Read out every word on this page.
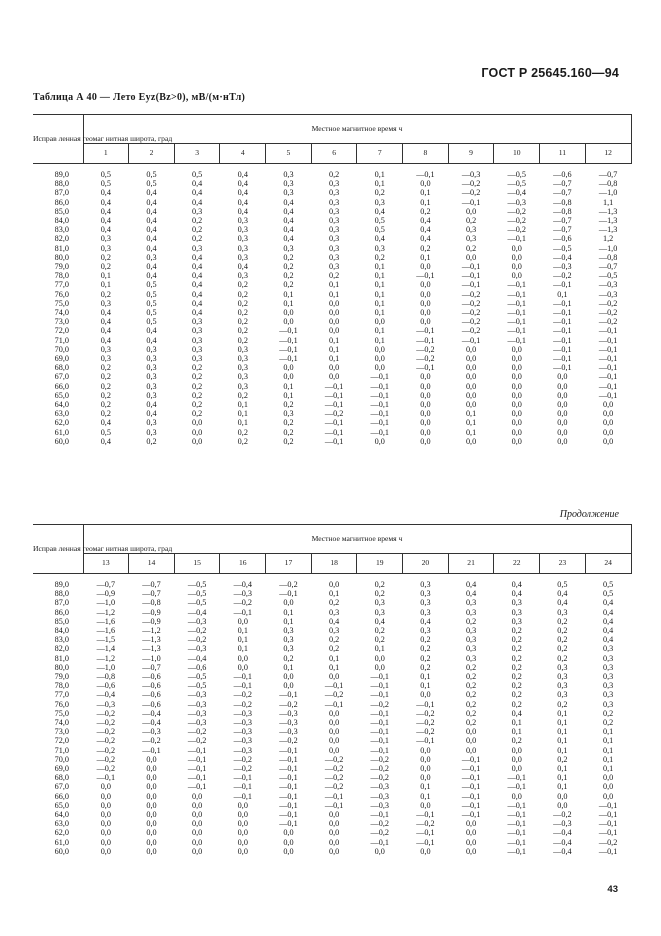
ГОСТ Р 25645.160—94
Таблица А 40 — Лето Eyz(Bz>0), мВ/(м·нТл)
Исправ ленная геомаг нитная широта, град	Местное магнитное время ч											
	1	2	3	4	5	6	7	8	9	10	11	12

89,0	0,5	0,5	0,5	0,4	0,3	0,2	0,1	—0,1	—0,3	—0,5	—0,6	—0,7
88,0	0,5	0,5	0,4	0,4	0,3	0,3	0,1	0,0	—0,2	—0,5	—0,7	—0,8
87,0	0,4	0,4	0,4	0,4	0,3	0,3	0,2	0,1	—0,2	—0,4	—0,7	—1,0
86,0	0,4	0,4	0,4	0,4	0,4	0,3	0,3	0,1	—0,1	—0,3	—0,8	1,1
85,0	0,4	0,4	0,3	0,4	0,4	0,3	0,4	0,2	0,0	—0,2	—0,8	—1,3
84,0	0,4	0,4	0,2	0,3	0,4	0,3	0,5	0,4	0,2	—0,2	—0,7	—1,3
83,0	0,4	0,4	0,2	0,3	0,4	0,3	0,5	0,4	0,3	—0,2	—0,7	—1,3
82,0	0,3	0,4	0,2	0,3	0,4	0,3	0,4	0,4	0,3	—0,1	—0,6	1,2
81,0	0,3	0,4	0,3	0,3	0,3	0,3	0,3	0,2	0,2	0,0	—0,5	—1,0
80,0	0,2	0,3	0,4	0,3	0,2	0,3	0,2	0,1	0,0	0,0	—0,4	—0,8
79,0	0,2	0,4	0,4	0,4	0,2	0,3	0,1	0,0	—0,1	0,0	—0,3	—0,7
78,0	0,1	0,4	0,4	0,3	0,2	0,2	0,1	—0,1	—0,1	0,0	—0,2	—0,5
77,0	0,1	0,5	0,4	0,2	0,2	0,1	0,1	0,0	—0,1	—0,1	—0,1	—0,3
76,0	0,2	0,5	0,4	0,2	0,1	0,1	0,1	0,0	—0,2	—0,1	0,1	—0,3
75,0	0,3	0,5	0,4	0,2	0,1	0,0	0,1	0,0	—0,2	—0,1	—0,1	—0,2
74,0	0,4	0,5	0,4	0,2	0,0	0,0	0,1	0,0	—0,2	—0,1	—0,1	—0,2
73,0	0,4	0,5	0,3	0,2	0,0	0,0	0,0	0,0	—0,2	—0,1	—0,1	—0,2
72,0	0,4	0,4	0,3	0,2	—0,1	0,0	0,1	—0,1	—0,2	—0,1	—0,1	—0,1
71,0	0,4	0,4	0,3	0,2	—0,1	0,1	0,1	—0,1	—0,1	—0,1	—0,1	—0,1
70,0	0,3	0,3	0,3	0,3	—0,1	0,1	0,0	—0,2	0,0	0,0	—0,1	—0,1
69,0	0,3	0,3	0,3	0,3	—0,1	0,1	0,0	—0,2	0,0	0,0	—0,1	—0,1
68,0	0,2	0,3	0,2	0,3	0,0	0,0	0,0	—0,1	0,0	0,0	—0,1	—0,1
67,0	0,2	0,3	0,2	0,3	0,0	0,0	—0,1	0,0	0,0	0,0	0,0	—0,1
66,0	0,2	0,3	0,2	0,3	0,1	—0,1	—0,1	0,0	0,0	0,0	0,0	—0,1
65,0	0,2	0,3	0,2	0,2	0,1	—0,1	—0,1	0,0	0,0	0,0	0,0	—0,1
64,0	0,2	0,4	0,2	0,1	0,2	—0,1	—0,1	0,0	0,0	0,0	0,0	0,0
63,0	0,2	0,4	0,2	0,1	0,3	—0,2	—0,1	0,0	0,1	0,0	0,0	0,0
62,0	0,4	0,3	0,0	0,1	0,2	—0,1	—0,1	0,0	0,1	0,0	0,0	0,0
61,0	0,5	0,3	0,0	0,2	0,2	—0,1	—0,1	0,0	0,1	0,0	0,0	0,0
60,0	0,4	0,2	0,0	0,2	0,2	—0,1	0,0	0,0	0,0	0,0	0,0	0,0
Продолжение
Исправ ленная геомаг нитная широта, град	Местное магнитное время ч											
	13	14	15	16	17	18	19	20	21	22	23	24

89,0	—0,7	—0,7	—0,5	—0,4	—0,2	0,0	0,2	0,3	0,4	0,4	0,5	0,5
88,0	—0,9	—0,7	—0,5	—0,3	—0,1	0,1	0,2	0,3	0,4	0,4	0,4	0,5
87,0	—1,0	—0,8	—0,5	—0,2	0,0	0,2	0,3	0,3	0,3	0,3	0,4	0,4
86,0	—1,2	—0,9	—0,4	—0,1	0,1	0,3	0,3	0,3	0,3	0,3	0,3	0,4
85,0	—1,6	—0,9	—0,3	0,0	0,1	0,4	0,4	0,4	0,2	0,3	0,2	0,4
84,0	—1,6	—1,2	—0,2	0,1	0,3	0,3	0,2	0,3	0,3	0,2	0,2	0,4
83,0	—1,5	—1,3	—0,2	0,1	0,3	0,2	0,2	0,2	0,3	0,2	0,2	0,4
82,0	—1,4	—1,3	—0,3	0,1	0,3	0,2	0,1	0,2	0,3	0,2	0,2	0,3
81,0	—1,2	—1,0	—0,4	0,0	0,2	0,1	0,0	0,2	0,3	0,2	0,2	0,3
80,0	—1,0	—0,7	—0,6	0,0	0,1	0,1	0,0	0,2	0,2	0,2	0,3	0,3
79,0	—0,8	—0,6	—0,5	—0,1	0,0	0,0	—0,1	0,1	0,2	0,2	0,3	0,3
78,0	—0,6	—0,6	—0,5	—0,1	0,0	—0,1	—0,1	0,1	0,2	0,2	0,3	0,3
77,0	—0,4	—0,6	—0,3	—0,2	—0,1	—0,2	—0,1	0,0	0,2	0,2	0,3	0,3
76,0	—0,3	—0,6	—0,3	—0,2	—0,2	—0,1	—0,2	—0,1	0,2	0,2	0,2	0,3
75,0	—0,2	—0,4	—0,3	—0,3	—0,3	0,0	—0,1	—0,2	0,2	0,4	0,1	0,2
74,0	—0,2	—0,4	—0,3	—0,3	—0,3	0,0	—0,1	—0,2	0,2	0,1	0,1	0,2
73,0	—0,2	—0,3	—0,2	—0,3	—0,3	0,0	—0,1	—0,2	0,0	0,1	0,1	0,1
72,0	—0,2	—0,2	—0,2	—0,3	—0,2	0,0	—0,1	—0,1	0,0	0,2	0,1	0,1
71,0	—0,2	—0,1	—0,1	—0,3	—0,1	0,0	—0,1	0,0	0,0	0,0	0,1	0,1
70,0	—0,2	0,0	—0,1	—0,2	—0,1	—0,2	—0,2	0,0	—0,1	0,0	0,2	0,1
69,0	—0,2	0,0	—0,1	—0,2	—0,1	—0,2	—0,2	0,0	—0,1	0,0	0,1	0,1
68,0	—0,1	0,0	—0,1	—0,1	—0,1	—0,2	—0,2	0,0	—0,1	—0,1	0,1	0,0
67,0	0,0	0,0	—0,1	—0,1	—0,1	—0,2	—0,3	0,1	—0,1	—0,1	0,1	0,0
66,0	0,0	0,0	0,0	—0,1	—0,1	—0,1	—0,3	0,1	—0,1	0,0	0,0	0,0
65,0	0,0	0,0	0,0	0,0	—0,1	—0,1	—0,3	0,0	—0,1	—0,1	0,0	—0,1
64,0	0,0	0,0	0,0	0,0	—0,1	0,0	—0,1	—0,1	—0,1	—0,1	—0,2	—0,1
63,0	0,0	0,0	0,0	0,0	—0,1	0,0	—0,2	—0,2	0,0	—0,1	—0,3	—0,1
62,0	0,0	0,0	0,0	0,0	0,0	0,0	—0,2	—0,1	0,0	—0,1	—0,4	—0,1
61,0	0,0	0,0	0,0	0,0	0,0	0,0	—0,1	—0,1	0,0	—0,1	—0,4	—0,2
60,0	0,0	0,0	0,0	0,0	0,0	0,0	0,0	0,0	0,0	—0,1	—0,4	—0,1
43
